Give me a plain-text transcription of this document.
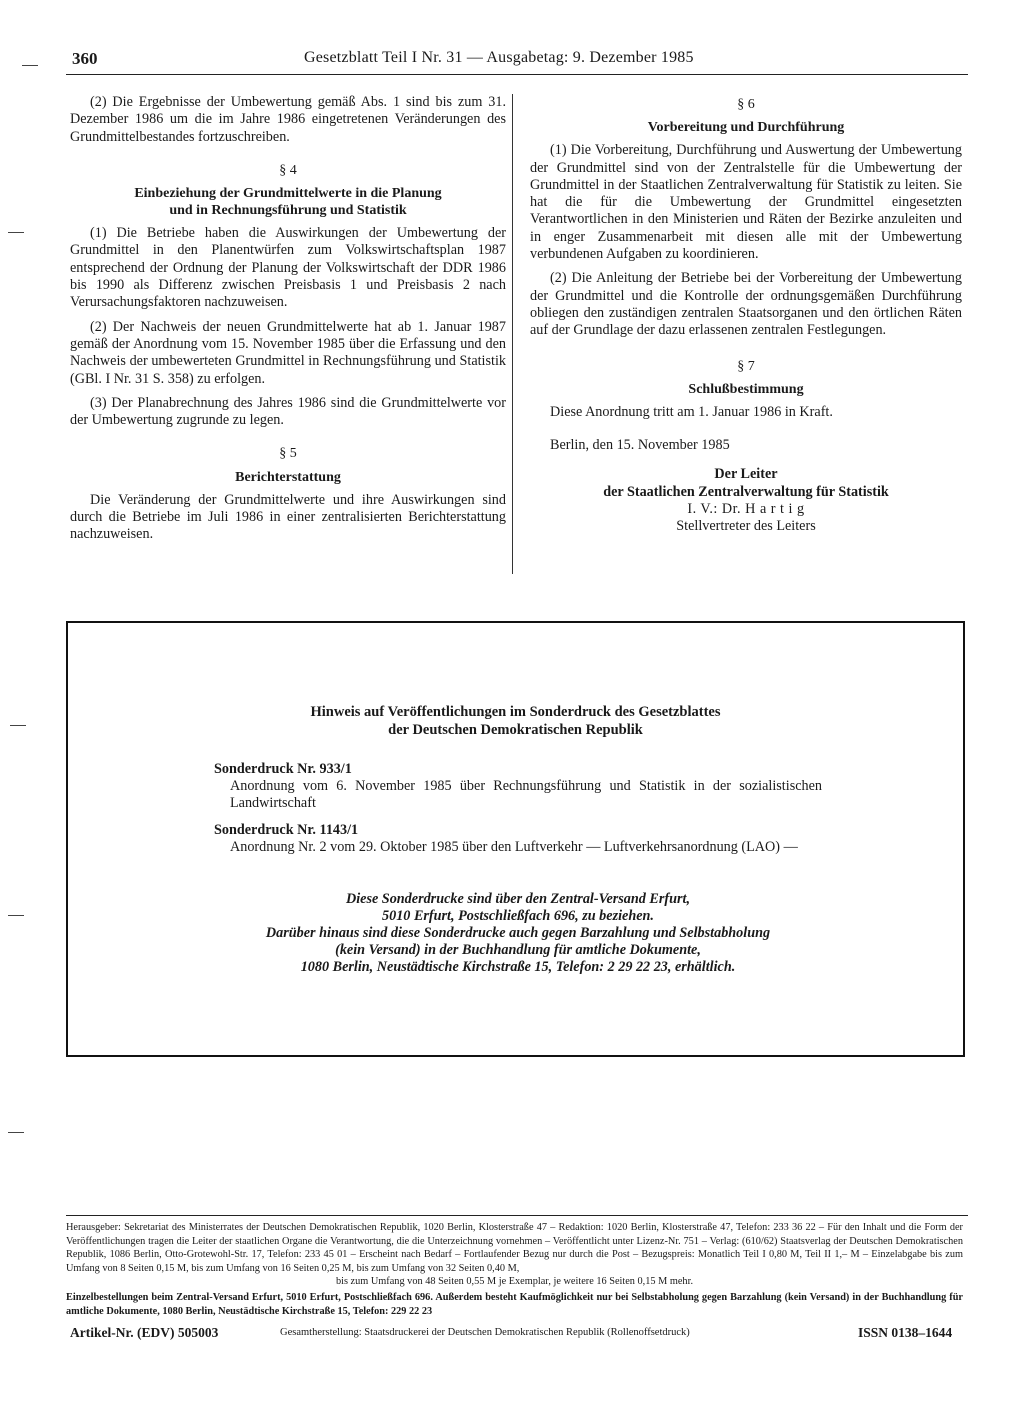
360	Gesetzblatt Teil I Nr. 31 — Ausgabetag: 9. Dezember 1985

(2) Die Ergebnisse der Umbewertung gemäß Abs. 1 sind bis zum 31. Dezember 1986 um die im Jahre 1986 eingetretenen Veränderungen des Grundmittelbestandes fortzuschreiben.

§ 4
Einbeziehung der Grundmittelwerte in die Planung
und in Rechnungsführung und Statistik

(1) Die Betriebe haben die Auswirkungen der Umbewertung der Grundmittel in den Planentwürfen zum Volkswirtschaftsplan 1987 entsprechend der Ordnung der Planung der Volkswirtschaft der DDR 1986 bis 1990 als Differenz zwischen Preisbasis 1 und Preisbasis 2 nach Verursachungsfaktoren nachzuweisen.

(2) Der Nachweis der neuen Grundmittelwerte hat ab 1. Januar 1987 gemäß der Anordnung vom 15. November 1985 über die Erfassung und den Nachweis der umbewerteten Grundmittel in Rechnungsführung und Statistik (GBl. I Nr. 31 S. 358) zu erfolgen.

(3) Der Planabrechnung des Jahres 1986 sind die Grundmittelwerte vor der Umbewertung zugrunde zu legen.

§ 5
Berichterstattung

Die Veränderung der Grundmittelwerte und ihre Auswirkungen sind durch die Betriebe im Juli 1986 in einer zentralisierten Berichterstattung nachzuweisen.

§ 6
Vorbereitung und Durchführung

(1) Die Vorbereitung, Durchführung und Auswertung der Umbewertung der Grundmittel sind von der Zentralstelle für die Umbewertung der Grundmittel in der Staatlichen Zentralverwaltung für Statistik zu leiten. Sie hat die für die Umbewertung der Grundmittel eingesetzten Verantwortlichen in den Ministerien und Räten der Bezirke anzuleiten und in enger Zusammenarbeit mit diesen alle mit der Umbewertung verbundenen Aufgaben zu koordinieren.

(2) Die Anleitung der Betriebe bei der Vorbereitung der Umbewertung der Grundmittel und die Kontrolle der ordnungsgemäßen Durchführung obliegen den zuständigen zentralen Staatsorganen und den örtlichen Räten auf der Grundlage der dazu erlassenen zentralen Festlegungen.

§ 7
Schlußbestimmung

Diese Anordnung tritt am 1. Januar 1986 in Kraft.

Berlin, den 15. November 1985

Der Leiter
der Staatlichen Zentralverwaltung für Statistik
I. V.: Dr. H a r t i g
Stellvertreter des Leiters
Hinweis auf Veröffentlichungen im Sonderdruck des Gesetzblattes
der Deutschen Demokratischen Republik
Sonderdruck Nr. 933/1
Anordnung vom 6. November 1985 über Rechnungsführung und Statistik in der sozialistischen Landwirtschaft
Sonderdruck Nr. 1143/1
Anordnung Nr. 2 vom 29. Oktober 1985 über den Luftverkehr — Luftverkehrsanordnung (LAO) —
Diese Sonderdrucke sind über den Zentral-Versand Erfurt,
5010 Erfurt, Postschließfach 696, zu beziehen.
Darüber hinaus sind diese Sonderdrucke auch gegen Barzahlung und Selbstabholung
(kein Versand) in der Buchhandlung für amtliche Dokumente,
1080 Berlin, Neustädtische Kirchstraße 15, Telefon: 2 29 22 23, erhältlich.
Herausgeber: Sekretariat des Ministerrates der Deutschen Demokratischen Republik, 1020 Berlin, Klosterstraße 47 – Redaktion: 1020 Berlin, Klosterstraße 47, Telefon: 233 36 22 – Für den Inhalt und die Form der Veröffentlichungen tragen die Leiter der staatlichen Organe die Verantwortung, die die Unterzeichnung vornehmen – Veröffentlicht unter Lizenz-Nr. 751 – Verlag: (610/62) Staatsverlag der Deutschen Demokratischen Republik, 1086 Berlin, Otto-Grotewohl-Str. 17, Telefon: 233 45 01 – Erscheint nach Bedarf – Fortlaufender Bezug nur durch die Post – Bezugspreis: Monatlich Teil I 0,80 M, Teil II 1,– M – Einzelabgabe bis zum Umfang von 8 Seiten 0,15 M, bis zum Umfang von 16 Seiten 0,25 M, bis zum Umfang von 32 Seiten 0,40 M,
bis zum Umfang von 48 Seiten 0,55 M je Exemplar, je weitere 16 Seiten 0,15 M mehr.
Einzelbestellungen beim Zentral-Versand Erfurt, 5010 Erfurt, Postschließfach 696. Außerdem besteht Kaufmöglichkeit nur bei Selbstabholung gegen Barzahlung (kein Versand) in der Buchhandlung für amtliche Dokumente, 1080 Berlin, Neustädtische Kirchstraße 15, Telefon: 229 22 23
Artikel-Nr. (EDV) 505003	Gesamtherstellung: Staatsdruckerei der Deutschen Demokratischen Republik (Rollenoffsetdruck)	ISSN 0138–1644
